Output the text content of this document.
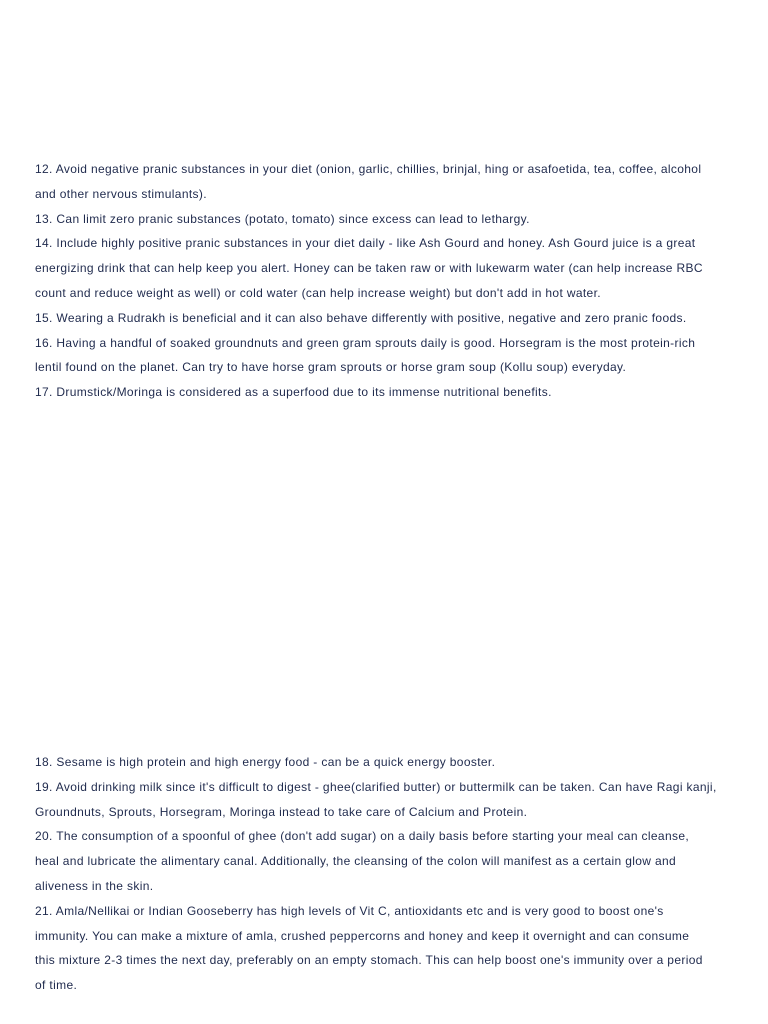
12. Avoid negative pranic substances in your diet (onion, garlic, chillies, brinjal, hing or asafoetida, tea, coffee, alcohol
and other nervous stimulants).
13. Can limit zero pranic substances (potato, tomato) since excess can lead to lethargy.
14. Include highly positive pranic substances in your diet daily - like Ash Gourd and honey. Ash Gourd juice is a great
energizing drink that can help keep you alert. Honey can be taken raw or with lukewarm water (can help increase RBC
count and reduce weight as well) or cold water (can help increase weight) but don't add in hot water.
15. Wearing a Rudrakh is beneficial and it can also behave differently with positive, negative and zero pranic foods.
16. Having a handful of soaked groundnuts and green gram sprouts daily is good. Horsegram is the most protein-rich
lentil found on the planet. Can try to have horse gram sprouts or horse gram soup (Kollu soup) everyday.
17. Drumstick/Moringa is considered as a superfood due to its immense nutritional benefits.
18. Sesame is high protein and high energy food - can be a quick energy booster.
19. Avoid drinking milk since it's difficult to digest - ghee(clarified butter) or buttermilk can be taken. Can have Ragi kanji,
Groundnuts, Sprouts, Horsegram, Moringa instead to take care of Calcium and Protein.
20. The consumption of a spoonful of ghee (don't add sugar) on a daily basis before starting your meal can cleanse,
heal and lubricate the alimentary canal. Additionally, the cleansing of the colon will manifest as a certain glow and
aliveness in the skin.
21. Amla/Nellikai or Indian Gooseberry has high levels of Vit C, antioxidants etc and is very good to boost one's
immunity. You can make a mixture of amla, crushed peppercorns and honey and keep it overnight and can consume
this mixture 2-3 times the next day, preferably on an empty stomach. This can help boost one's immunity over a period
of time.
